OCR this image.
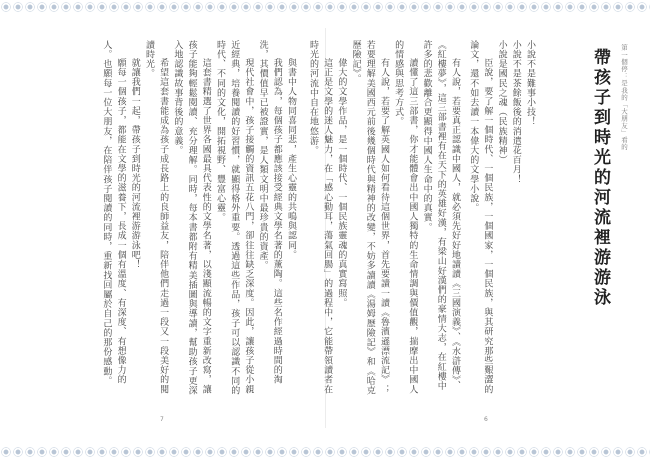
第一個停：是我的「大朋友」看的
帶孩子到時光的河流裡游游泳

小說不是難事小技！

小說不是茶餘飯後的消遣花百月！

小說是國民之魂（民族精神）

臣說，要了解一個時代、一個民族，一個國家，一個民族，與其研究那些艱澀的論文，還不如去讀一本偉大的文學小說。

有人說，若要真正認識中國人，就必須先好好地讀讀《三國演義》、《水滸傳》、《紅樓夢》，這三部書裡有在天下的英雄好漢，有梁山好漢們的豪情大志，在紅樓中許多的悲歡離合更顯得中國人生命中的真實。

讀懂了這三部書，你才能體會出中國人獨特的生命情調與價值觀，揣摩出中國人的情感與思考方式。

有人說，若要了解英國人如何看待這個世界，首先要讀一讀《魯濱遜漂流記》；若要理解美國西元前後幾個時代與精神的改變，不妨多讀讀《湯姆歷險記》和《哈克歷險記》。

偉大的文學作品，是一個時代、一個民族靈魂的真實寫照。

這正是文學的迷人魅力，在「感心動耳，蕩氣回腸」的過程中，它能帶領讀者在時光的河流中自在地悠游。

與書中人物同喜同悲，產生心靈的共鳴與認同。

我們認為，每個孩子都應該接受經典文學名著的薰陶。這些名作經過時間的淘洗，其價值早已被證實，是人類文明中最珍貴的資產。

現代社會中，孩子接觸的資訊五花八門，卻往往缺乏深度。因此，讓孩子從小親近經典，培養閱讀的好習慣，就顯得格外重要。透過這些作品，孩子可以認識不同的時代、不同的文化，開拓視野、豐富心靈。

這套書精選了世界各國最具代表性的文學名著，以淺顯流暢的文字重新改寫，讓孩子能夠輕鬆閱讀、充分理解。同時，每本書都附有精美插圖與導讀，幫助孩子更深入地認識故事背後的意義。

希望這套書能成為孩子成長路上的良師益友，陪伴他們走過一段又一段美好的閱讀時光。

就讓我們一起，帶孩子到時光的河流裡游游泳吧！

願每一個孩子，都能在文學的滋養下，長成一個有溫度、有深度、有想像力的人。也願每一位大朋友，在陪伴孩子閱讀的同時，重新找回屬於自己的那份感動。

7	6
